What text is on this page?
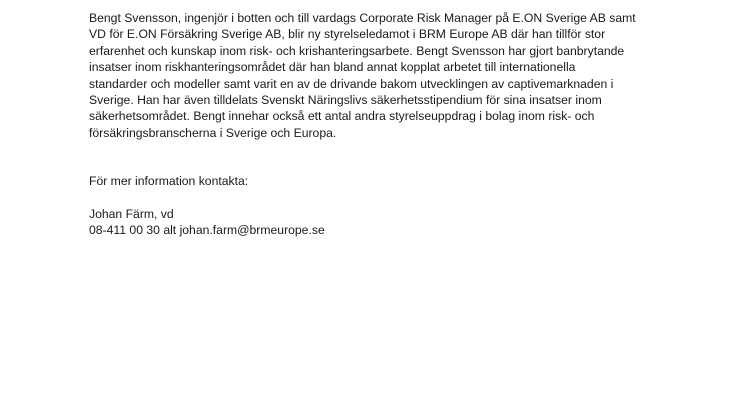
Bengt Svensson, ingenjör i botten och till vardags Corporate Risk Manager på E.ON Sverige AB samt
VD för E.ON Försäkring Sverige AB, blir ny styrelseledamot i BRM Europe AB där han tillför stor
erfarenhet och kunskap inom risk- och krishanteringsarbete. Bengt Svensson har gjort banbrytande
insatser inom riskhanteringsområdet där han bland annat kopplat arbetet till internationella
standarder och modeller samt varit en av de drivande bakom utvecklingen av captivemarknaden i
Sverige. Han har även tilldelats Svenskt Näringslivs säkerhetsstipendium för sina insatser inom
säkerhetsområdet. Bengt innehar också ett antal andra styrelseuppdrag i bolag inom risk- och
försäkringsbranscherna i Sverige och Europa.

För mer information kontakta:

Johan Färm, vd
08-411 00 30 alt johan.farm@brmeurope.se
